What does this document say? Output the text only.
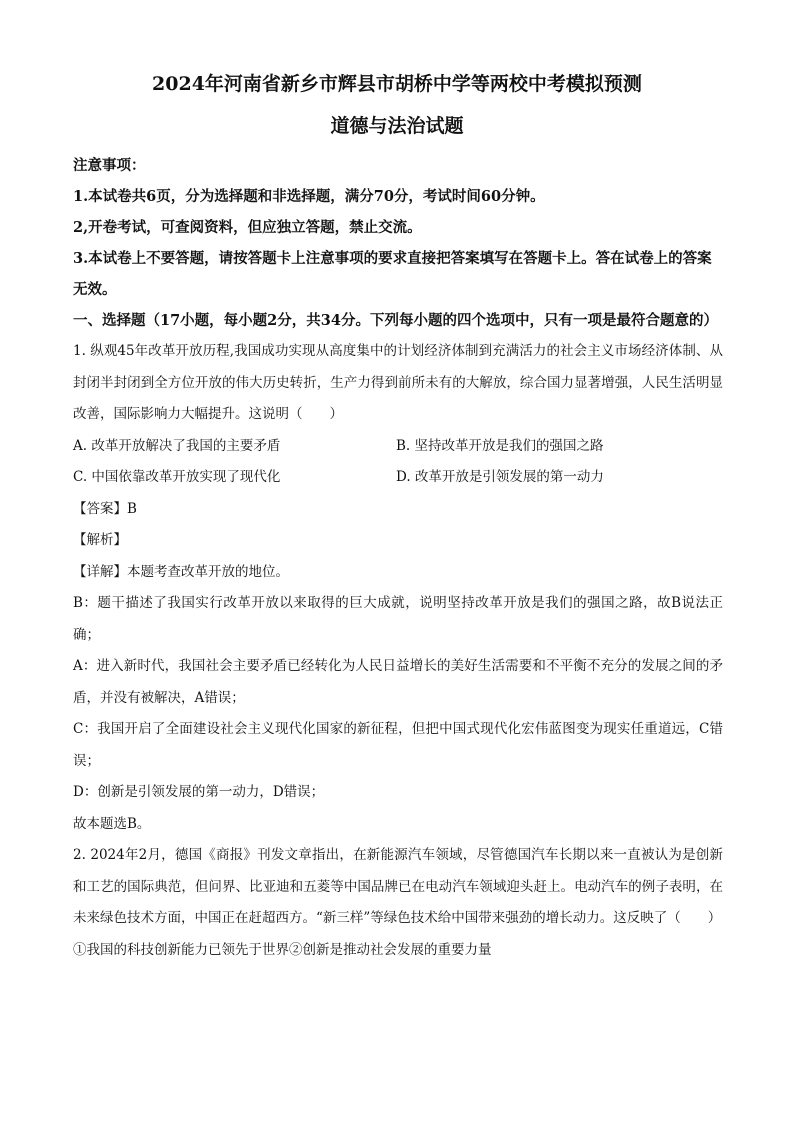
2024年河南省新乡市辉县市胡桥中学等两校中考模拟预测
道德与法治试题

注意事项：

1.本试卷共6页，分为选择题和非选择题，满分70分，考试时间60分钟。

2,开卷考试，可查阅资料，但应独立答题，禁止交流。

3.本试卷上不要答题，请按答题卡上注意事项的要求直接把答案填写在答题卡上。答在试卷上的答案无效。

一、选择题（17小题，每小题2分，共34分。下列每小题的四个选项中，只有一项是最符合题意的）

1. 纵观45年改革开放历程,我国成功实现从高度集中的计划经济体制到充满活力的社会主义市场经济体制、从封闭半封闭到全方位开放的伟大历史转折，生产力得到前所未有的大解放，综合国力显著增强，人民生活明显改善，国际影响力大幅提升。这说明（　　）

A. 改革开放解决了我国的主要矛盾	B. 坚持改革开放是我们的强国之路
C. 中国依靠改革开放实现了现代化	D. 改革开放是引领发展的第一动力

【答案】B

【解析】

【详解】本题考查改革开放的地位。

B：题干描述了我国实行改革开放以来取得的巨大成就，说明坚持改革开放是我们的强国之路，故B说法正确；

A：进入新时代，我国社会主要矛盾已经转化为人民日益增长的美好生活需要和不平衡不充分的发展之间的矛盾，并没有被解决，A错误；

C：我国开启了全面建设社会主义现代化国家的新征程，但把中国式现代化宏伟蓝图变为现实任重道远，C错误；

D：创新是引领发展的第一动力，D错误；

故本题选B。

2. 2024年2月，德国《商报》刊发文章指出，在新能源汽车领域，尽管德国汽车长期以来一直被认为是创新和工艺的国际典范，但问界、比亚迪和五菱等中国品牌已在电动汽车领域迎头赶上。电动汽车的例子表明，在未来绿色技术方面，中国正在赶超西方。“新三样”等绿色技术给中国带来强劲的增长动力。这反映了（　　）

①我国的科技创新能力已领先于世界②创新是推动社会发展的重要力量
